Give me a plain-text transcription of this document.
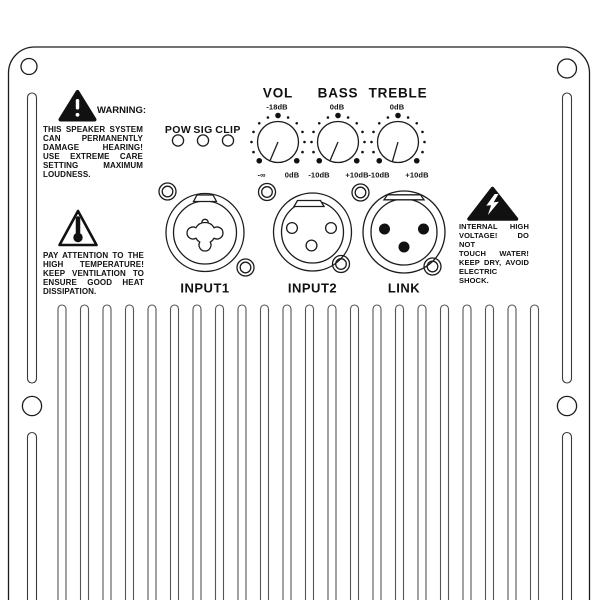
WARNING:
THIS SPEAKER SYSTEM
CAN PERMANENTLY
DAMAGE HEARING!
USE EXTREME CARE
SETTING MAXIMUM
LOUDNESS.
PAY ATTENTION TO THE
HIGH TEMPERATURE!
KEEP VENTILATION TO
ENSURE GOOD HEAT
DISSIPATION.
INTERNAL HIGH
VOLTAGE! DO NOT
TOUCH WATER!
KEEP DRY, AVOID
ELECTRIC SHOCK.
POW SIG CLIP
VOL BASS TREBLE
-18dB
-∞	0dB
0dB
-10dB +10dB
0dB
-10dB +10dB
INPUT1	INPUT2	LINK
